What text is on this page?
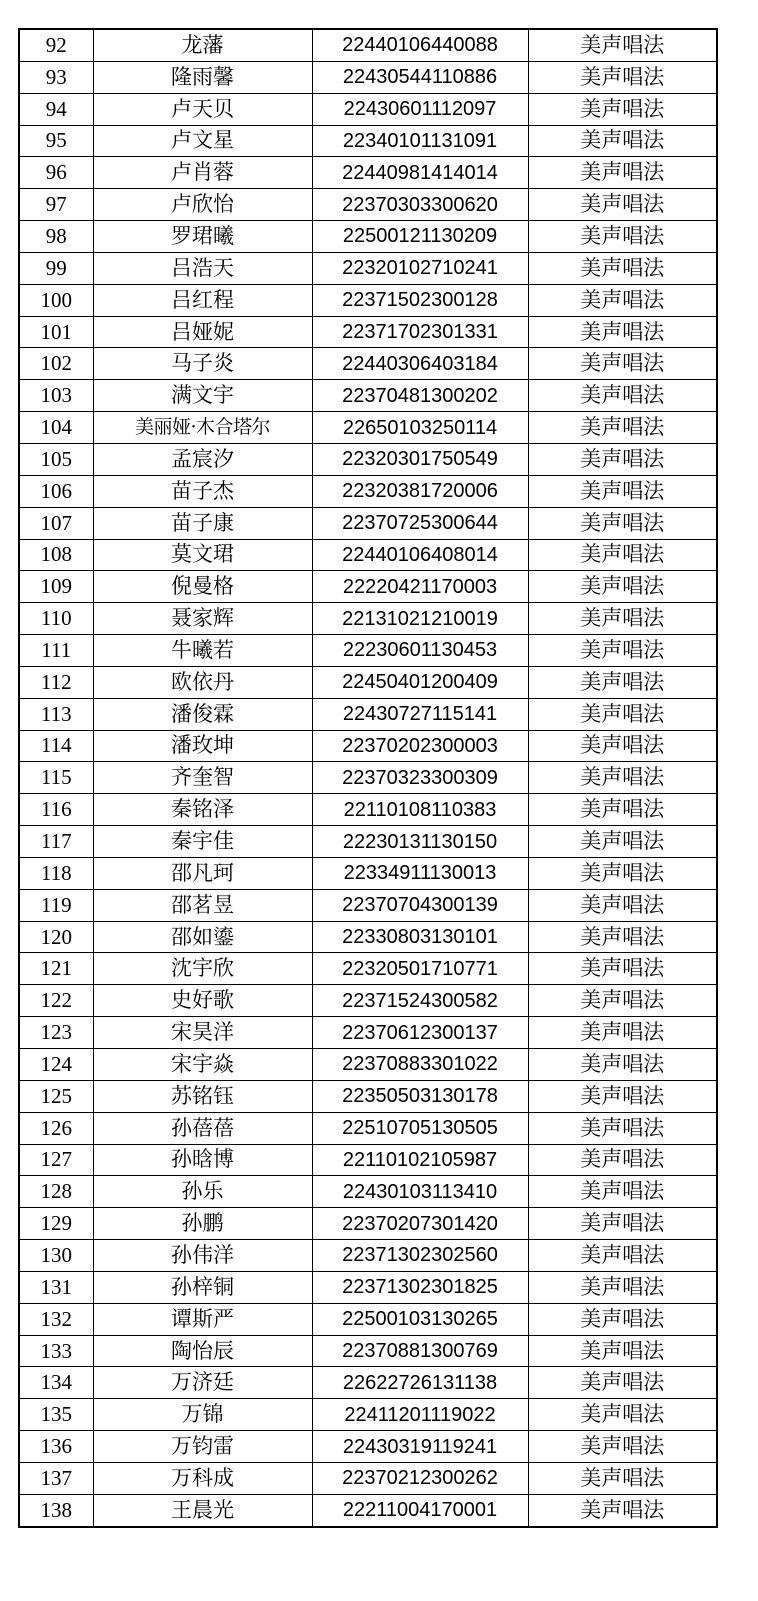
92	龙藩	22440106440088	美声唱法
93	隆雨馨	22430544110886	美声唱法
94	卢天贝	22430601112097	美声唱法
95	卢文星	22340101131091	美声唱法
96	卢肖蓉	22440981414014	美声唱法
97	卢欣怡	22370303300620	美声唱法
98	罗珺曦	22500121130209	美声唱法
99	吕浩天	22320102710241	美声唱法
100	吕红程	22371502300128	美声唱法
101	吕娅妮	22371702301331	美声唱法
102	马子炎	22440306403184	美声唱法
103	满文宇	22370481300202	美声唱法
104	美丽娅·木合塔尔	22650103250114	美声唱法
105	孟宸汐	22320301750549	美声唱法
106	苗子杰	22320381720006	美声唱法
107	苗子康	22370725300644	美声唱法
108	莫文珺	22440106408014	美声唱法
109	倪曼格	22220421170003	美声唱法
110	聂家辉	22131021210019	美声唱法
111	牛曦若	22230601130453	美声唱法
112	欧依丹	22450401200409	美声唱法
113	潘俊霖	22430727115141	美声唱法
114	潘玫坤	22370202300003	美声唱法
115	齐奎智	22370323300309	美声唱法
116	秦铭泽	22110108110383	美声唱法
117	秦宇佳	22230131130150	美声唱法
118	邵凡珂	22334911130013	美声唱法
119	邵茗昱	22370704300139	美声唱法
120	邵如鎏	22330803130101	美声唱法
121	沈宇欣	22320501710771	美声唱法
122	史好歌	22371524300582	美声唱法
123	宋昊洋	22370612300137	美声唱法
124	宋宇焱	22370883301022	美声唱法
125	苏铭钰	22350503130178	美声唱法
126	孙蓓蓓	22510705130505	美声唱法
127	孙晗博	22110102105987	美声唱法
128	孙乐	22430103113410	美声唱法
129	孙鹏	22370207301420	美声唱法
130	孙伟洋	22371302302560	美声唱法
131	孙梓铜	22371302301825	美声唱法
132	谭斯严	22500103130265	美声唱法
133	陶怡辰	22370881300769	美声唱法
134	万济廷	22622726131138	美声唱法
135	万锦	22411201119022	美声唱法
136	万钧雷	22430319119241	美声唱法
137	万科成	22370212300262	美声唱法
138	王晨光	22211004170001	美声唱法
